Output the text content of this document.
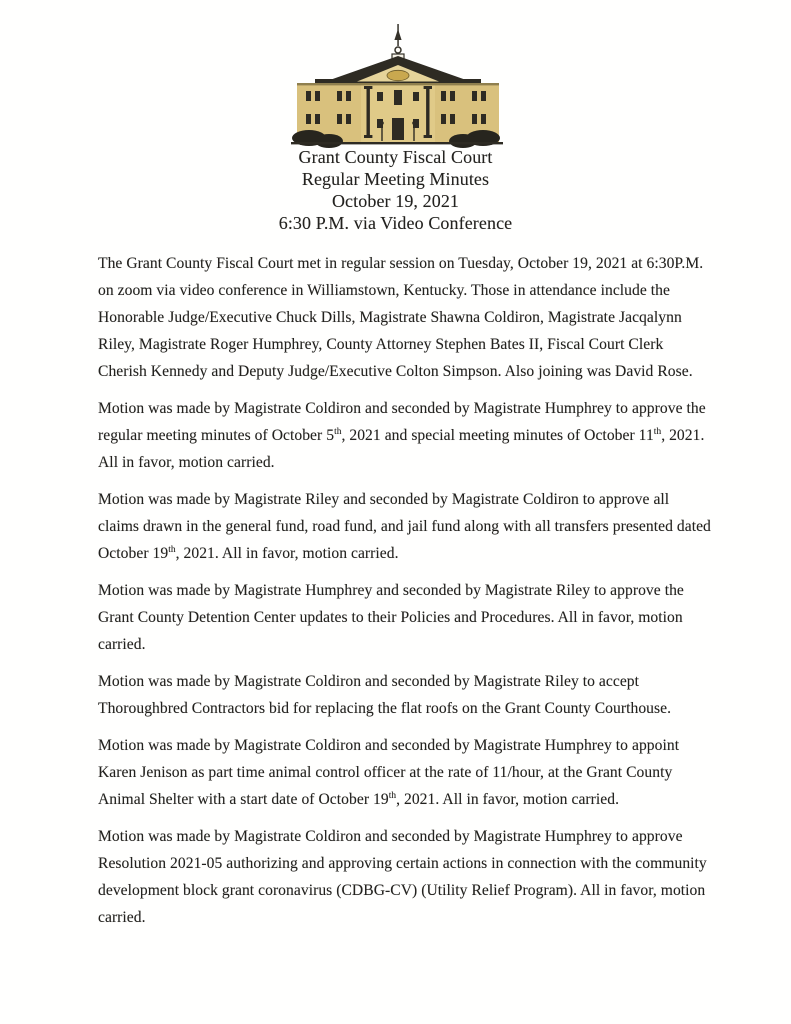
Grant County Fiscal Court
Regular Meeting Minutes
October 19, 2021
6:30 P.M. via Video Conference

The Grant County Fiscal Court met in regular session on Tuesday, October 19, 2021 at 6:30P.M. on zoom via video conference in Williamstown, Kentucky. Those in attendance include the Honorable Judge/Executive Chuck Dills, Magistrate Shawna Coldiron, Magistrate Jacqalynn Riley, Magistrate Roger Humphrey, County Attorney Stephen Bates II, Fiscal Court Clerk Cherish Kennedy and Deputy Judge/Executive Colton Simpson. Also joining was David Rose.

Motion was made by Magistrate Coldiron and seconded by Magistrate Humphrey to approve the regular meeting minutes of October 5th, 2021 and special meeting minutes of October 11th, 2021. All in favor, motion carried.

Motion was made by Magistrate Riley and seconded by Magistrate Coldiron to approve all claims drawn in the general fund, road fund, and jail fund along with all transfers presented dated October 19th, 2021. All in favor, motion carried.

Motion was made by Magistrate Humphrey and seconded by Magistrate Riley to approve the Grant County Detention Center updates to their Policies and Procedures. All in favor, motion carried.

Motion was made by Magistrate Coldiron and seconded by Magistrate Riley to accept Thoroughbred Contractors bid for replacing the flat roofs on the Grant County Courthouse.

Motion was made by Magistrate Coldiron and seconded by Magistrate Humphrey to appoint Karen Jenison as part time animal control officer at the rate of 11/hour, at the Grant County Animal Shelter with a start date of October 19th, 2021. All in favor, motion carried.

Motion was made by Magistrate Coldiron and seconded by Magistrate Humphrey to approve Resolution 2021-05 authorizing and approving certain actions in connection with the community development block grant coronavirus (CDBG-CV) (Utility Relief Program). All in favor, motion carried.
